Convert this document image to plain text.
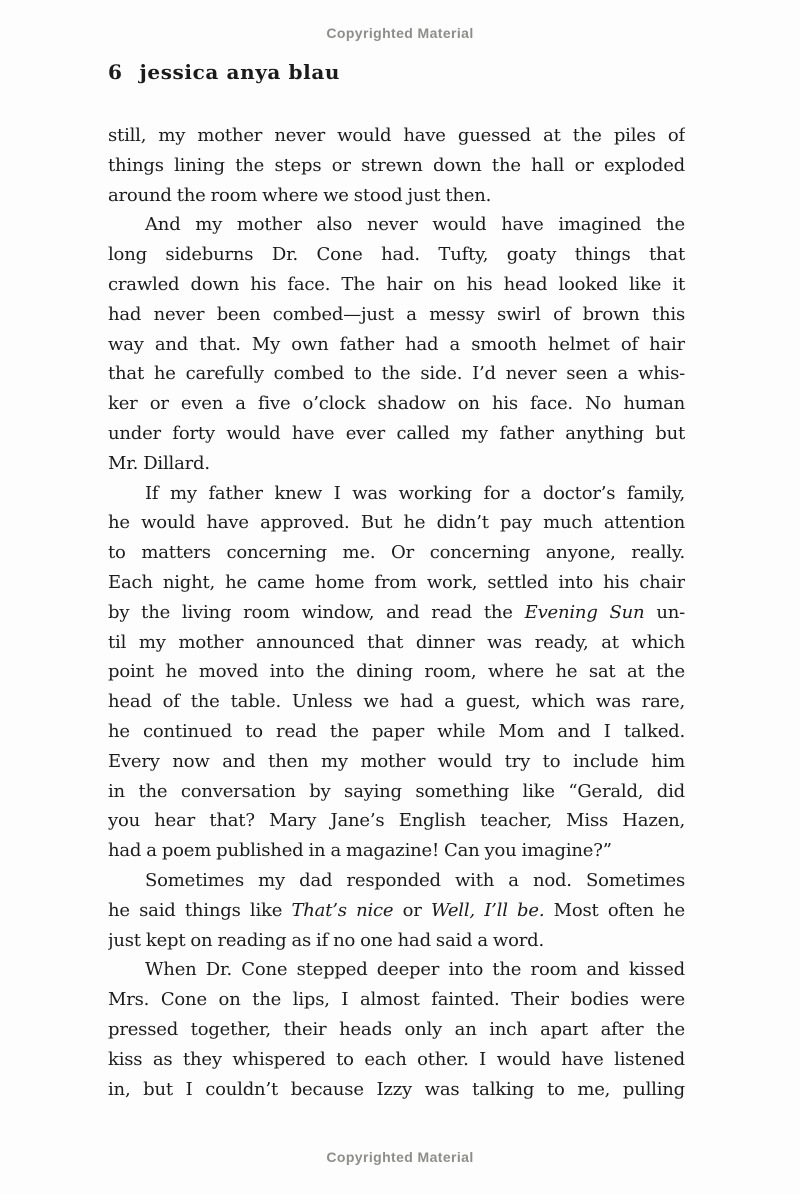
Copyrighted Material
6 jessica anya blau
still, my mother never would have guessed at the piles of
things lining the steps or strewn down the hall or exploded
around the room where we stood just then.
And my mother also never would have imagined the
long sideburns Dr. Cone had. Tufty, goaty things that
crawled down his face. The hair on his head looked like it
had never been combed—just a messy swirl of brown this
way and that. My own father had a smooth helmet of hair
that he carefully combed to the side. I’d never seen a whis-
ker or even a five o’clock shadow on his face. No human
under forty would have ever called my father anything but
Mr. Dillard.
If my father knew I was working for a doctor’s family,
he would have approved. But he didn’t pay much attention
to matters concerning me. Or concerning anyone, really.
Each night, he came home from work, settled into his chair
by the living room window, and read the Evening Sun un-
til my mother announced that dinner was ready, at which
point he moved into the dining room, where he sat at the
head of the table. Unless we had a guest, which was rare,
he continued to read the paper while Mom and I talked.
Every now and then my mother would try to include him
in the conversation by saying something like “Gerald, did
you hear that? Mary Jane’s English teacher, Miss Hazen,
had a poem published in a magazine! Can you imagine?”
Sometimes my dad responded with a nod. Sometimes
he said things like That’s nice or Well, I’ll be. Most often he
just kept on reading as if no one had said a word.
When Dr. Cone stepped deeper into the room and kissed
Mrs. Cone on the lips, I almost fainted. Their bodies were
pressed together, their heads only an inch apart after the
kiss as they whispered to each other. I would have listened
in, but I couldn’t because Izzy was talking to me, pulling
Copyrighted Material
